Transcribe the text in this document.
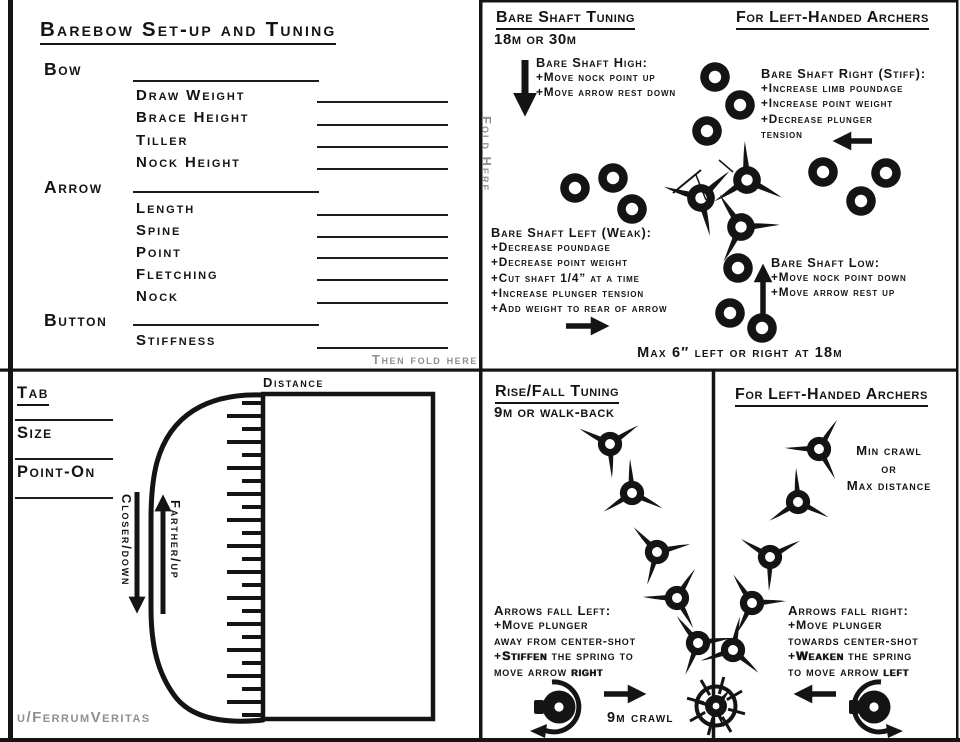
Barebow Set-up and Tuning
Bow
Draw Weight
Brace Height
Tiller
Nock Height
Arrow
Length
Spine
Point
Fletching
Nock
Button
Stiffness
Then fold here
Fold Here
Bare Shaft Tuning
18m or 30m
For Left-Handed Archers
Bare Shaft High:
+Move nock point up
+Move arrow rest down
Bare Shaft Right (Stiff):
+Increase limb poundage
+Increase point weight
+Decrease plunger
tension
Bare Shaft Left (Weak):
+Decrease poundage
+Decrease point weight
+Cut shaft 1/4” at a time
+Increase plunger tension
+Add weight to rear of arrow
Bare Shaft Low:
+Move nock point down
+Move arrow rest up
Max 6″ left or right at 18m
Tab
Size
Point-On
Distance
Closer/down	Farther/up
u/FerrumVeritas
Rise/Fall Tuning
9m or walk-back
For Left-Handed Archers
Min crawl
or
Max distance
Arrows fall Left:
+Move plunger
away from center-shot
+Stiffen the spring to
move arrow right
Arrows fall right:
+Move plunger
towards center-shot
+Weaken the spring
to move arrow left
9m crawl
